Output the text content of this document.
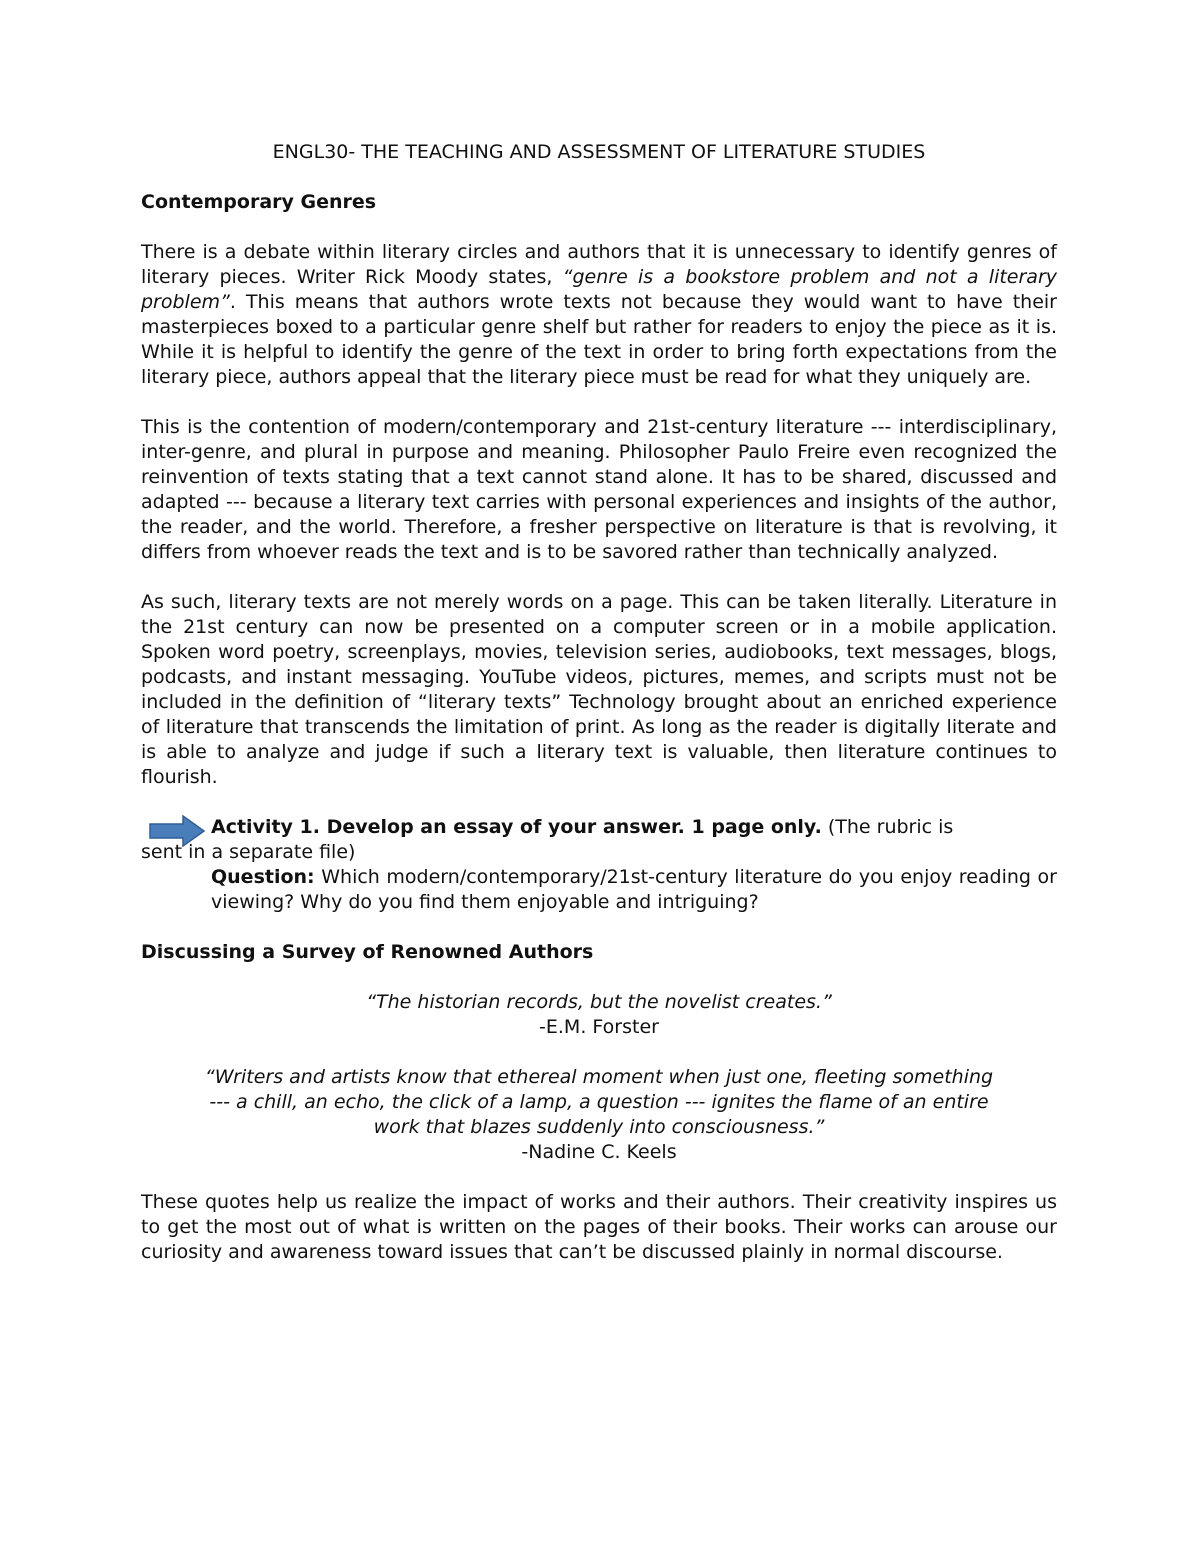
ENGL30- THE TEACHING AND ASSESSMENT OF LITERATURE STUDIES
Contemporary Genres

There is a debate within literary circles and authors that it is unnecessary to identify genres of literary pieces. Writer Rick Moody states, “genre is a bookstore problem and not a literary problem”. This means that authors wrote texts not because they would want to have their masterpieces boxed to a particular genre shelf but rather for readers to enjoy the piece as it is. While it is helpful to identify the genre of the text in order to bring forth expectations from the literary piece, authors appeal that the literary piece must be read for what they uniquely are.

This is the contention of modern/contemporary and 21st-century literature --- interdisciplinary, inter-genre, and plural in purpose and meaning. Philosopher Paulo Freire even recognized the reinvention of texts stating that a text cannot stand alone. It has to be shared, discussed and adapted --- because a literary text carries with personal experiences and insights of the author, the reader, and the world. Therefore, a fresher perspective on literature is that is revolving, it differs from whoever reads the text and is to be savored rather than technically analyzed.

As such, literary texts are not merely words on a page. This can be taken literally. Literature in the 21st century can now be presented on a computer screen or in a mobile application. Spoken word poetry, screenplays, movies, television series, audiobooks, text messages, blogs, podcasts, and instant messaging. YouTube videos, pictures, memes, and scripts must not be included in the definition of “literary texts” Technology brought about an enriched experience of literature that transcends the limitation of print. As long as the reader is digitally literate and is able to analyze and judge if such a literary text is valuable, then literature continues to flourish.

Activity 1. Develop an essay of your answer. 1 page only. (The rubric is
sent in a separate file)
Question: Which modern/contemporary/21st-century literature do you enjoy reading or viewing? Why do you find them enjoyable and intriguing?
Discussing a Survey of Renowned Authors

“The historian records, but the novelist creates.”
-E.M. Forster

“Writers and artists know that ethereal moment when just one, fleeting something
--- a chill, an echo, the click of a lamp, a question --- ignites the flame of an entire
work that blazes suddenly into consciousness.”
-Nadine C. Keels

These quotes help us realize the impact of works and their authors. Their creativity inspires us to get the most out of what is written on the pages of their books. Their works can arouse our curiosity and awareness toward issues that can’t be discussed plainly in normal discourse.
